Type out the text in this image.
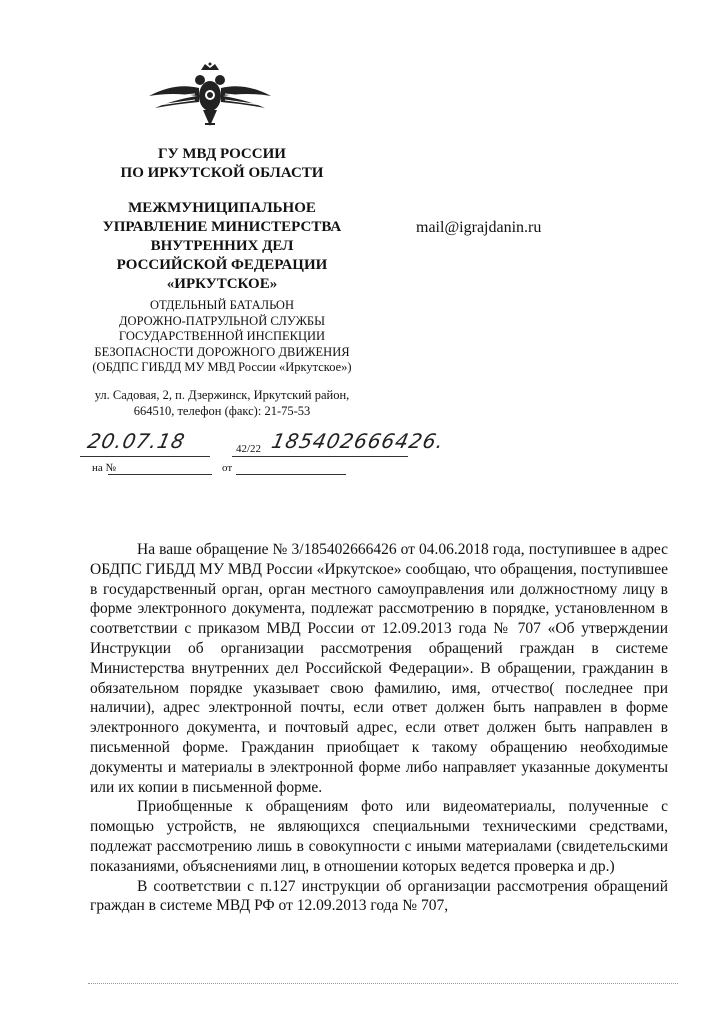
ГУ МВД РОССИИ
ПО ИРКУТСКОЙ ОБЛАСТИ
МЕЖМУНИЦИПАЛЬНОЕ
УПРАВЛЕНИЕ МИНИСТЕРСТВА
ВНУТРЕННИХ ДЕЛ
РОССИЙСКОЙ ФЕДЕРАЦИИ
«ИРКУТСКОЕ»
ОТДЕЛЬНЫЙ БАТАЛЬОН
ДОРОЖНО-ПАТРУЛЬНОЙ СЛУЖБЫ
ГОСУДАРСТВЕННОЙ ИНСПЕКЦИИ
БЕЗОПАСНОСТИ ДОРОЖНОГО ДВИЖЕНИЯ
(ОБДПС ГИБДД МУ МВД России «Иркутское»)
ул. Садовая, 2, п. Дзержинск, Иркутский район,
664510, телефон (факс): 21-75-53
mail@igrajdanin.ru
20.07.18	42/22 185402666426.
на №	от

На ваше обращение № 3/185402666426 от 04.06.2018 года, поступившее в адрес ОБДПС ГИБДД МУ МВД России «Иркутское» сообщаю, что обращения, поступившее в государственный орган, орган местного самоуправления или должностному лицу в форме электронного документа, подлежат рассмотрению в порядке, установленном в соответствии с приказом МВД России от 12.09.2013 года № 707 «Об утверждении Инструкции об организации рассмотрения обращений граждан в системе Министерства внутренних дел Российской Федерации». В обращении, гражданин в обязательном порядке указывает свою фамилию, имя, отчество( последнее при наличии), адрес электронной почты, если ответ должен быть направлен в форме электронного документа, и почтовый адрес, если ответ должен быть направлен в письменной форме. Гражданин приобщает к такому обращению необходимые документы и материалы в электронной форме либо направляет указанные документы или их копии в письменной форме.

Приобщенные к обращениям фото или видеоматериалы, полученные с помощью устройств, не являющихся специальными техническими средствами, подлежат рассмотрению лишь в совокупности с иными материалами (свидетельскими показаниями, объяснениями лиц, в отношении которых ведется проверка и др.)

В соответствии с п.127 инструкции об организации рассмотрения обращений граждан в системе МВД РФ от 12.09.2013 года № 707,
